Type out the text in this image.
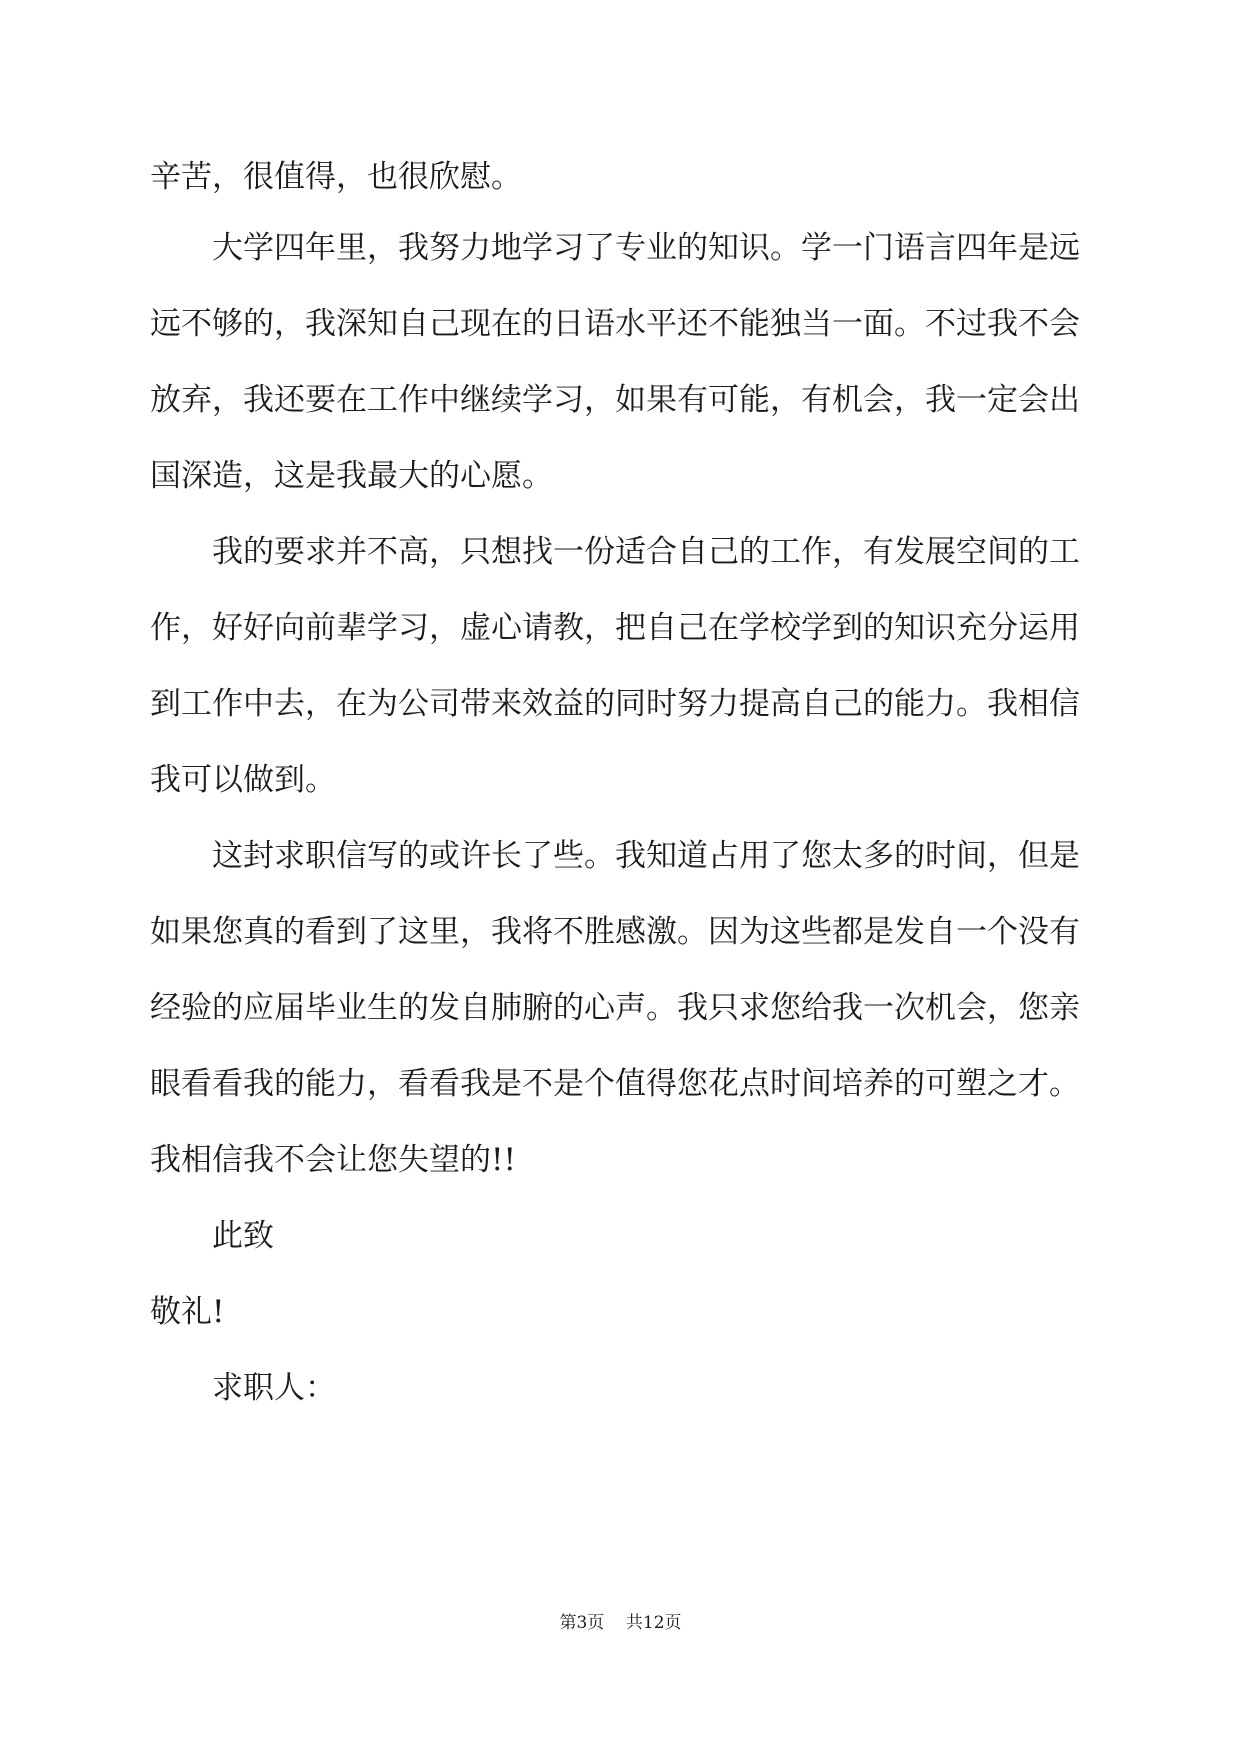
辛苦，很值得，也很欣慰。
大学四年里，我努力地学习了专业的知识。学一门语言四年是远
远不够的，我深知自己现在的日语水平还不能独当一面。不过我不会
放弃，我还要在工作中继续学习，如果有可能，有机会，我一定会出
国深造，这是我最大的心愿。
我的要求并不高，只想找一份适合自己的工作，有发展空间的工
作，好好向前辈学习，虚心请教，把自己在学校学到的知识充分运用
到工作中去，在为公司带来效益的同时努力提高自己的能力。我相信
我可以做到。
这封求职信写的或许长了些。我知道占用了您太多的时间，但是
如果您真的看到了这里，我将不胜感激。因为这些都是发自一个没有
经验的应届毕业生的发自肺腑的心声。我只求您给我一次机会，您亲
眼看看我的能力，看看我是不是个值得您花点时间培养的可塑之才。
我相信我不会让您失望的!!
此致
敬礼!
求职人：
第3页 共12页
